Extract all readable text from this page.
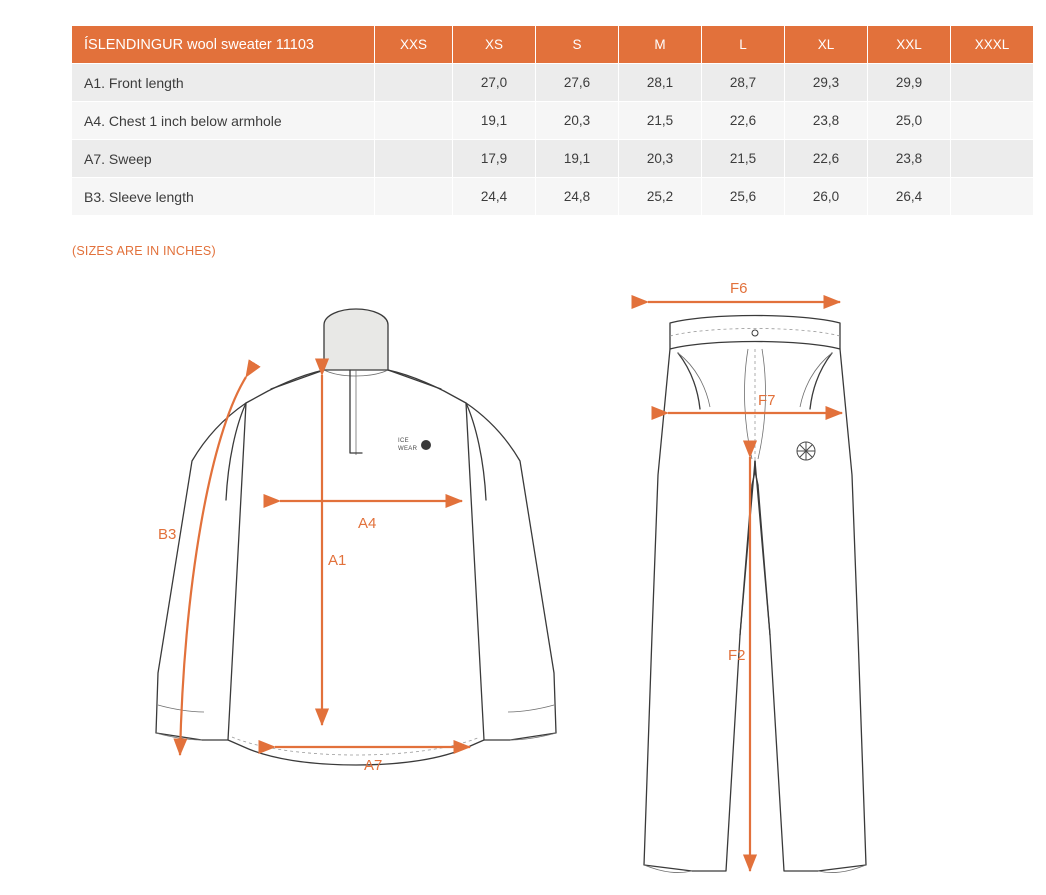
ÍSLENDINGUR wool sweater 11103	XXS	XS	S	M	L	XL	XXL	XXXL
A1. Front length		27,0	27,6	28,1	28,7	29,3	29,9	
A4. Chest 1 inch below armhole		19,1	20,3	21,5	22,6	23,8	25,0	
A7. Sweep		17,9	19,1	20,3	21,5	22,6	23,8	
B3. Sleeve length		24,4	24,8	25,2	25,6	26,0	26,4	
(SIZES ARE IN INCHES)
ICE
WEAR
A4
A1
A7
B3
F6
F7
F2
